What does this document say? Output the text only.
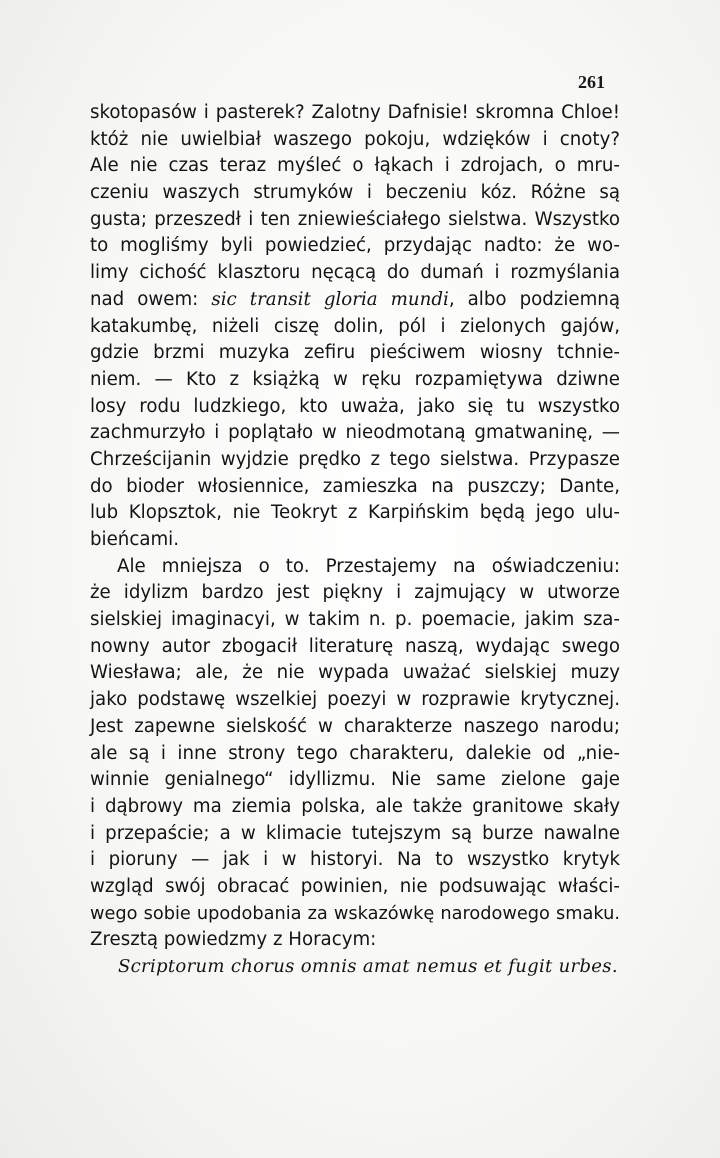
261
skotopasów i pasterek? Zalotny Dafnisie! skromna Chloe!
któż nie uwielbiał waszego pokoju, wdzięków i cnoty?
Ale nie czas teraz myśleć o łąkach i zdrojach, o mru-
czeniu waszych strumyków i beczeniu kóz. Różne są
gusta; przeszedł i ten zniewieściałego sielstwa. Wszystko
to mogliśmy byli powiedzieć, przydając nadto: że wo-
limy cichość klasztoru nęcącą do dumań i rozmyślania
nad owem: sic transit gloria mundi, albo podziemną
katakumbę, niżeli ciszę dolin, pól i zielonych gajów,
gdzie brzmi muzyka zefiru pieściwem wiosny tchnie-
niem. — Kto z książką w ręku rozpamiętywa dziwne
losy rodu ludzkiego, kto uważa, jako się tu wszystko
zachmurzyło i poplątało w nieodmotaną gmatwaninę, —
Chrześcijanin wyjdzie prędko z tego sielstwa. Przypasze
do bioder włosiennice, zamieszka na puszczy; Dante,
lub Klopsztok, nie Teokryt z Karpińskim będą jego ulu-
bieńcami.
Ale mniejsza o to. Przestajemy na oświadczeniu:
że idylizm bardzo jest piękny i zajmujący w utworze
sielskiej imaginacyi, w takim n. p. poemacie, jakim sza-
nowny autor zbogacił literaturę naszą, wydając swego
Wiesława; ale, że nie wypada uważać sielskiej muzy
jako podstawę wszelkiej poezyi w rozprawie krytycznej.
Jest zapewne sielskość w charakterze naszego narodu;
ale są i inne strony tego charakteru, dalekie od „nie-
winnie genialnego“ idyllizmu. Nie same zielone gaje
i dąbrowy ma ziemia polska, ale także granitowe skały
i przepaście; a w klimacie tutejszym są burze nawalne
i pioruny — jak i w historyi. Na to wszystko krytyk
wzgląd swój obracać powinien, nie podsuwając właści-
wego sobie upodobania za wskazówkę narodowego smaku.
Zresztą powiedzmy z Horacym:
Scriptorum chorus omnis amat nemus et fugit urbes.
